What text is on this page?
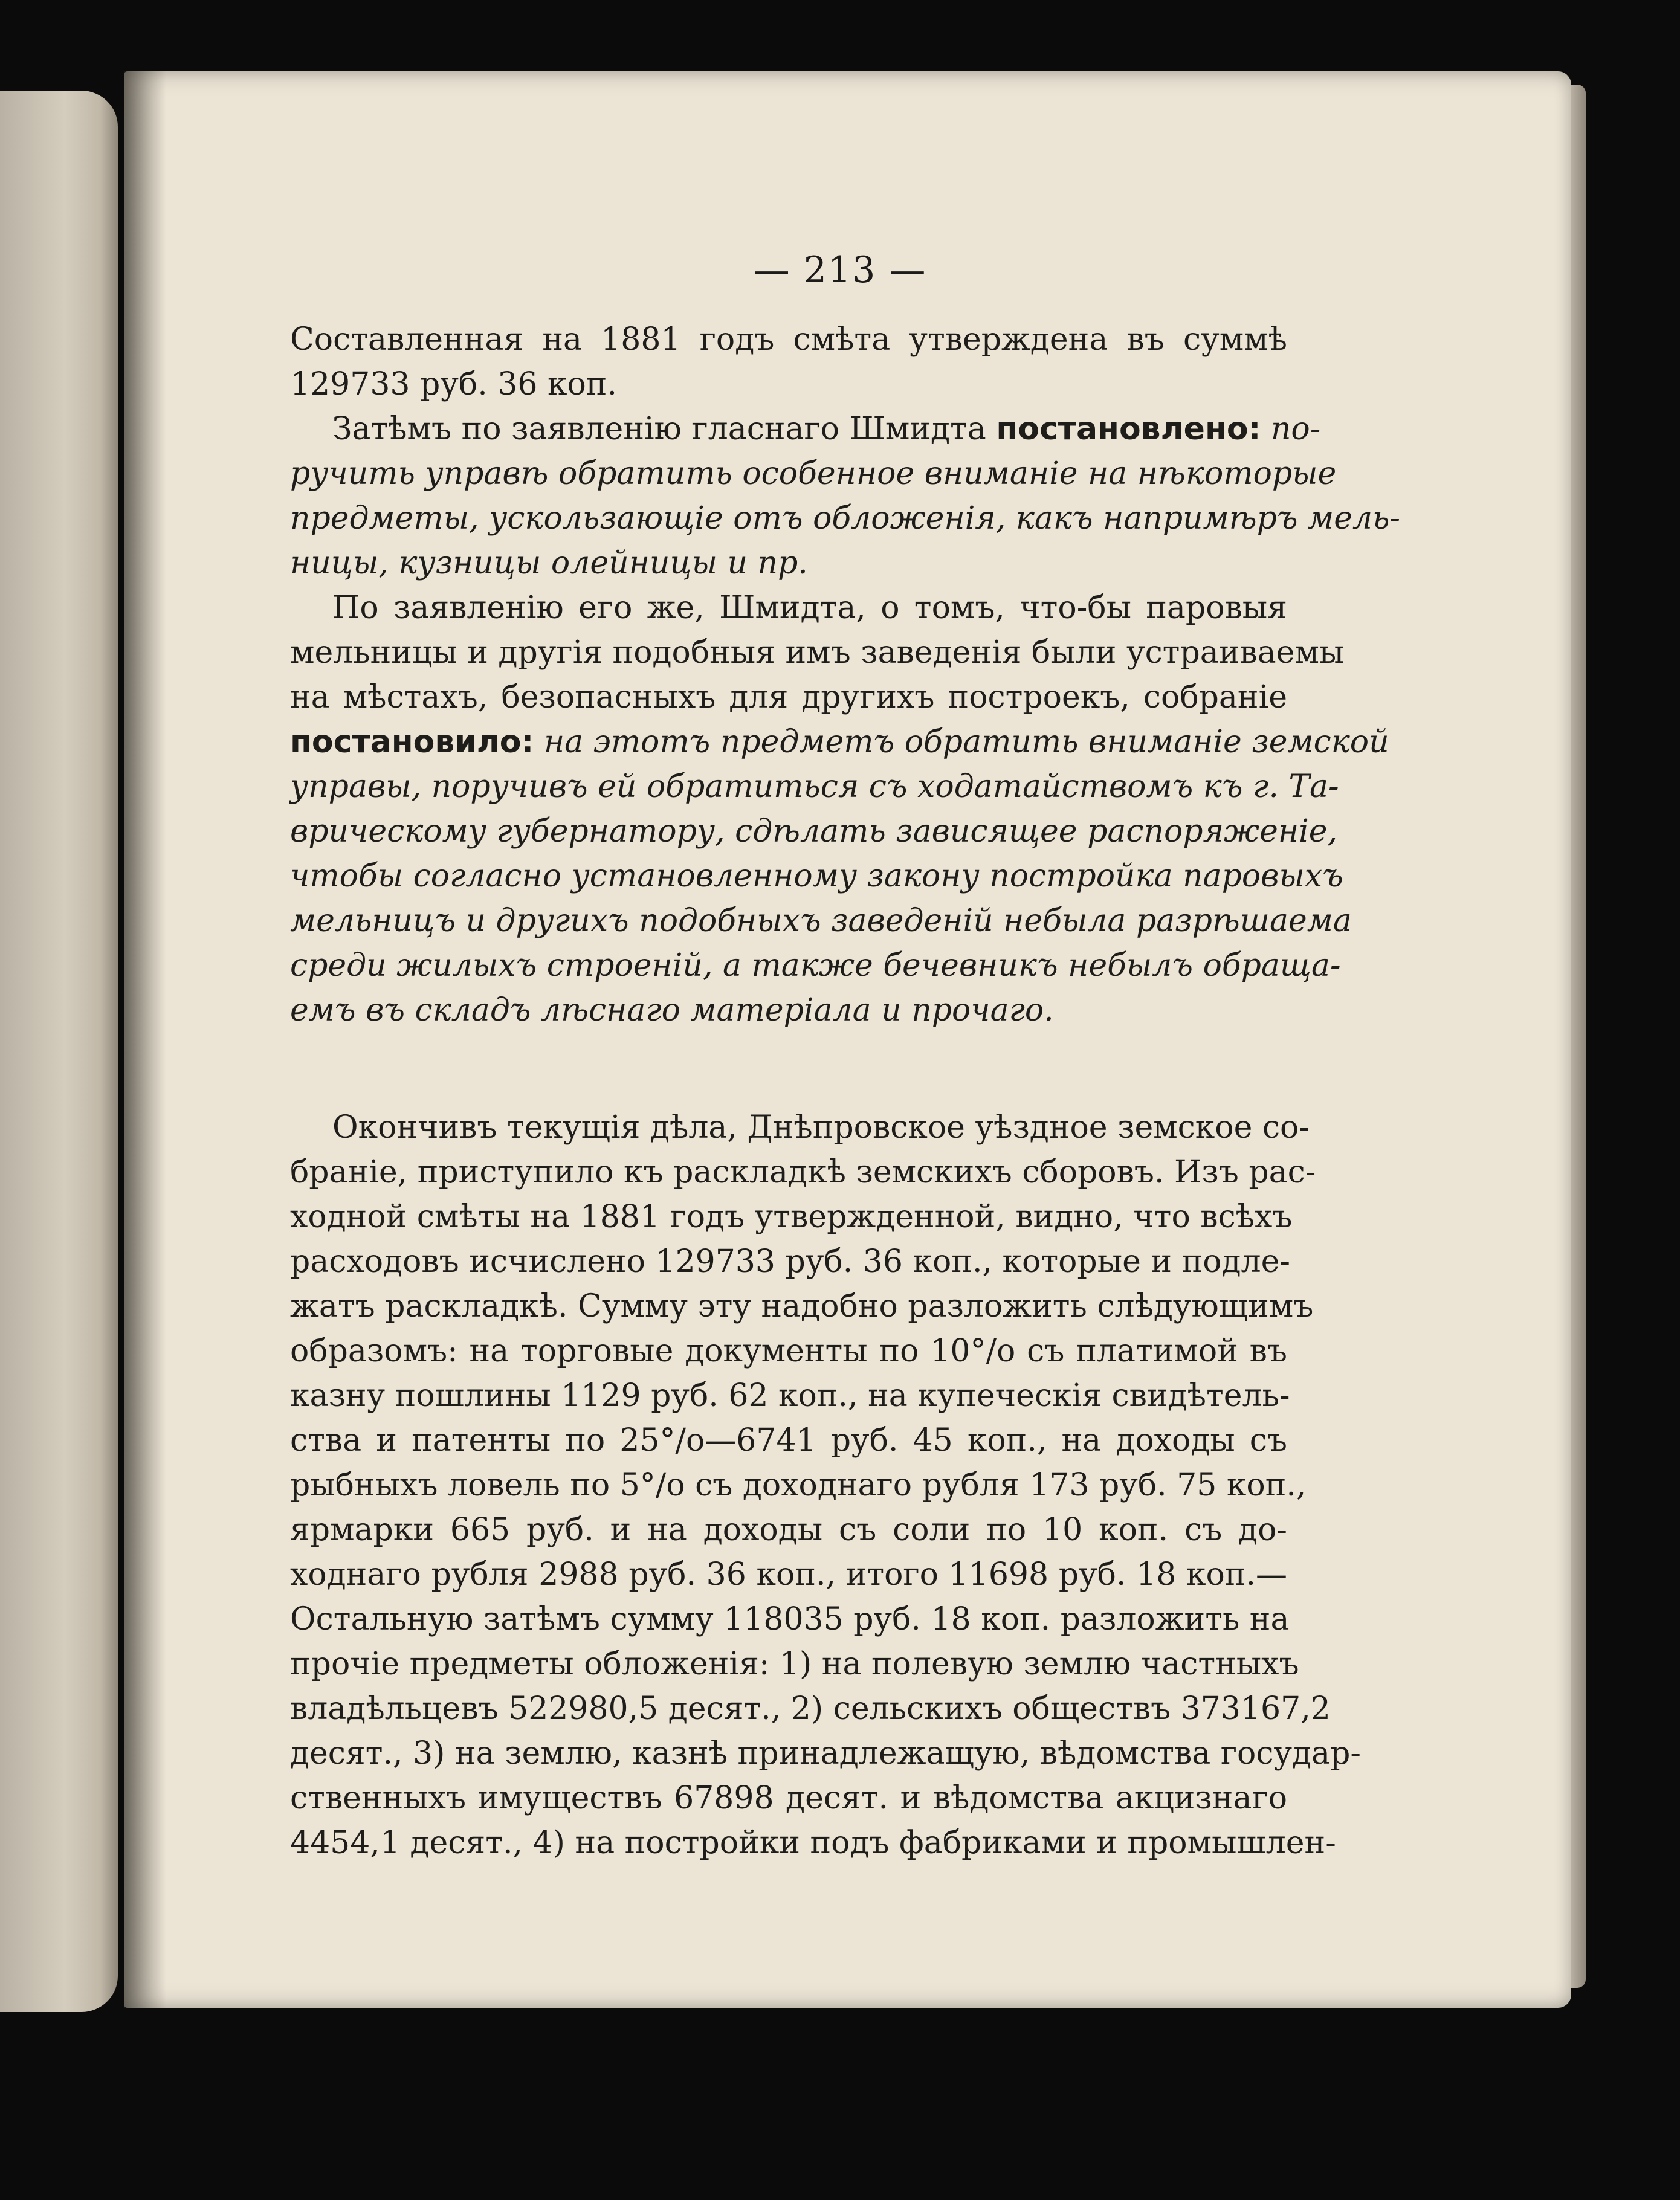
— 213 —
Составленная на 1881 годъ смѣта утверждена въ суммѣ
129733 руб. 36 коп.
Затѣмъ по заявленію гласнаго Шмидта постановлено: по-
ручить управѣ обратить особенное вниманіе на нѣкоторые
предметы, ускользающіе отъ обложенія, какъ напримѣръ мель-
ницы, кузницы олейницы и пр.
По заявленію его же, Шмидта, о томъ, что-бы паровыя
мельницы и другія подобныя имъ заведенія были устраиваемы
на мѣстахъ, безопасныхъ для другихъ построекъ, собраніе
постановило: на этотъ предметъ обратить вниманіе земской
управы, поручивъ ей обратиться съ ходатайствомъ къ г. Та-
врическому губернатору, сдѣлать зависящее распоряженіе,
чтобы согласно установленному закону постройка паровыхъ
мельницъ и другихъ подобныхъ заведеній небыла разрѣшаема
среди жилыхъ строеній, а также бечевникъ небылъ обраща-
емъ въ складъ лѣснаго матеріала и прочаго.
Окончивъ текущія дѣла, Днѣпровское уѣздное земское со-
браніе, приступило къ раскладкѣ земскихъ сборовъ. Изъ рас-
ходной смѣты на 1881 годъ утвержденной, видно, что всѣхъ
расходовъ исчислено 129733 руб. 36 коп., которые и подле-
жатъ раскладкѣ. Сумму эту надобно разложить слѣдующимъ
образомъ: на торговые документы по 10°/о съ платимой въ
казну пошлины 1129 руб. 62 коп., на купеческія свидѣтель-
ства и патенты по 25°/о—6741 руб. 45 коп., на доходы съ
рыбныхъ ловель по 5°/о съ доходнаго рубля 173 руб. 75 коп.,
ярмарки 665 руб. и на доходы съ соли по 10 коп. съ до-
ходнаго рубля 2988 руб. 36 коп., итого 11698 руб. 18 коп.—
Остальную затѣмъ сумму 118035 руб. 18 коп. разложить на
прочіе предметы обложенія: 1) на полевую землю частныхъ
владѣльцевъ 522980,5 десят., 2) сельскихъ обществъ 373167,2
десят., 3) на землю, казнѣ принадлежащую, вѣдомства государ-
ственныхъ имуществъ 67898 десят. и вѣдомства акцизнаго
4454,1 десят., 4) на постройки подъ фабриками и промышлен-
